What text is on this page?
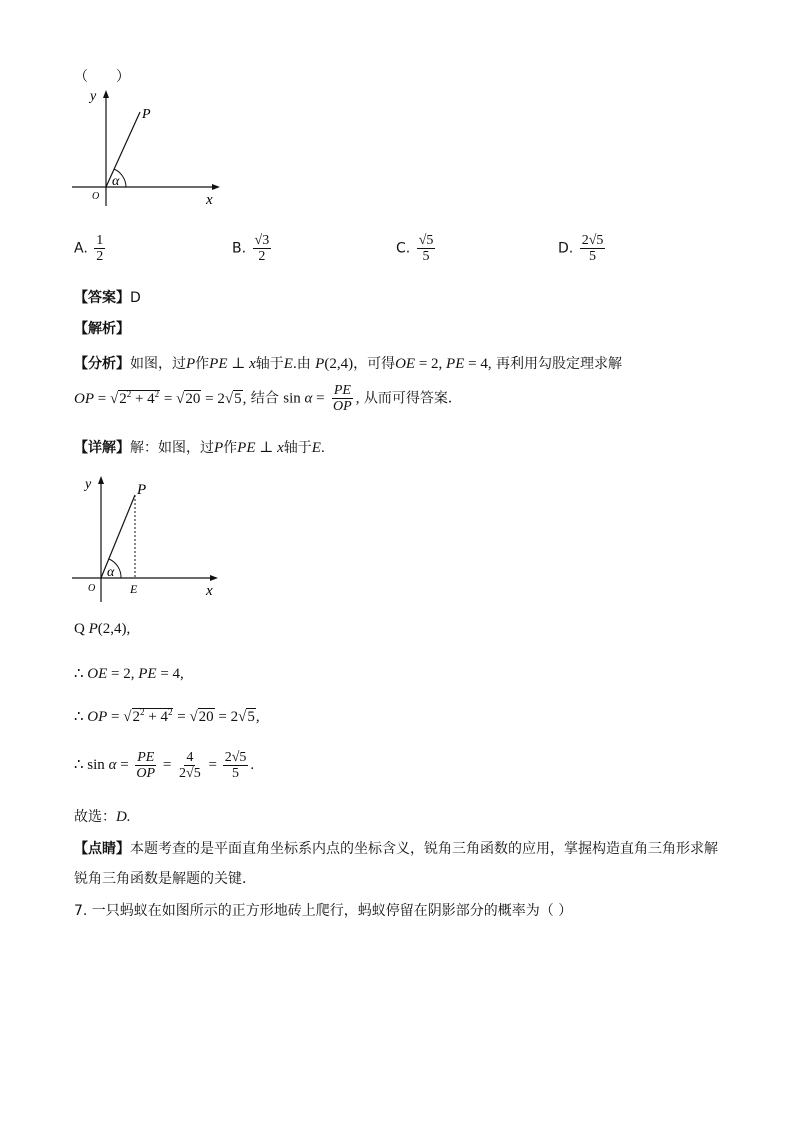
（　　）
y
x
O
P
α
A. $\frac{1}{2}$	B. $\frac{√3}{2}$	C. $\frac{√5}{5}$	D. $\frac{2√5}{5}$
【答案】D
【解析】
【分析】如图，过P作PE ⊥ x轴于E.由 P(2,4)，可得OE = 2, PE = 4, 再利用勾股定理求解
OP = $√2^2 + 4^2 = √20 = 2√5$, 结合 $\sin \alpha = \frac{PE}{OP}$ , 从而可得答案．
【详解】解：如图，过P作PE ⊥ x轴于E.
y
x
O	E
P
α
Q P(2,4),
∴ OE = 2, PE = 4,
∴ OP = $√2^2 + 4^2 = √20 = 2√5$,
∴ $\sin \alpha = \frac{PE}{OP} = \frac{4}{2√5} = \frac{2√5}{5}$ .
故选：D.
【点睛】本题考查的是平面直角坐标系内点的坐标含义，锐角三角函数的应用，掌握构造直角三角形求解
锐角三角函数是解题的关键．
7. 一只蚂蚁在如图所示的正方形地砖上爬行，蚂蚁停留在阴影部分的概率为（ ）
